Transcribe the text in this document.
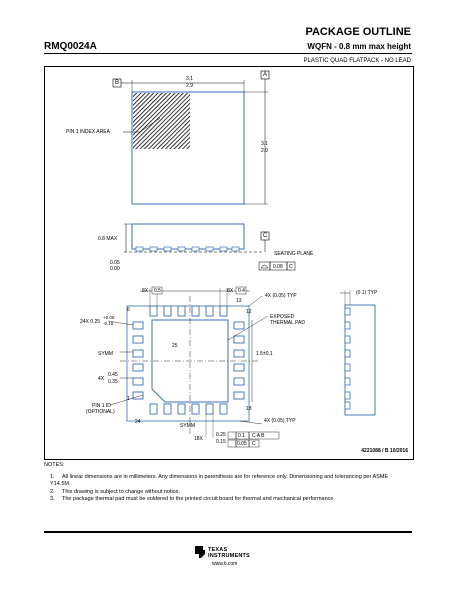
PACKAGE OUTLINE
RMQ0024A	WQFN - 0.8 mm max height
PLASTIC QUAD FLATPACK - NO LEAD
B
A
3.1
2.9
3.1
2.9
PIN 1 INDEX AREA
0.8 MAX	C
SEATING PLANE
0.08 C
0.05
0.00
8X 0.5	8X 0.4
4X (0.05) TYP	(0.1) TYP
24X 0.25
+0.05
-0.10
6	12
13
18
24
1
25
EXPOSED
THERMAL PAD
SYMM
SYMM
1.5±0.1
4X
0.45
0.35
PIN 1 ID
(OPTIONAL)
4X (0.05) TYP
18X
0.25
0.15
0.1 C A B
0.05 C
4221088 / B 10/2016
NOTES:
1. All linear dimensions are in millimeters. Any dimensions in parenthesis are for reference only. Dimensioning and tolerancing per ASME Y14.5M.
2. This drawing is subject to change without notice.
3. The package thermal pad must be soldered to the printed circuit board for thermal and mechanical performance.
TEXAS INSTRUMENTS
www.ti.com
